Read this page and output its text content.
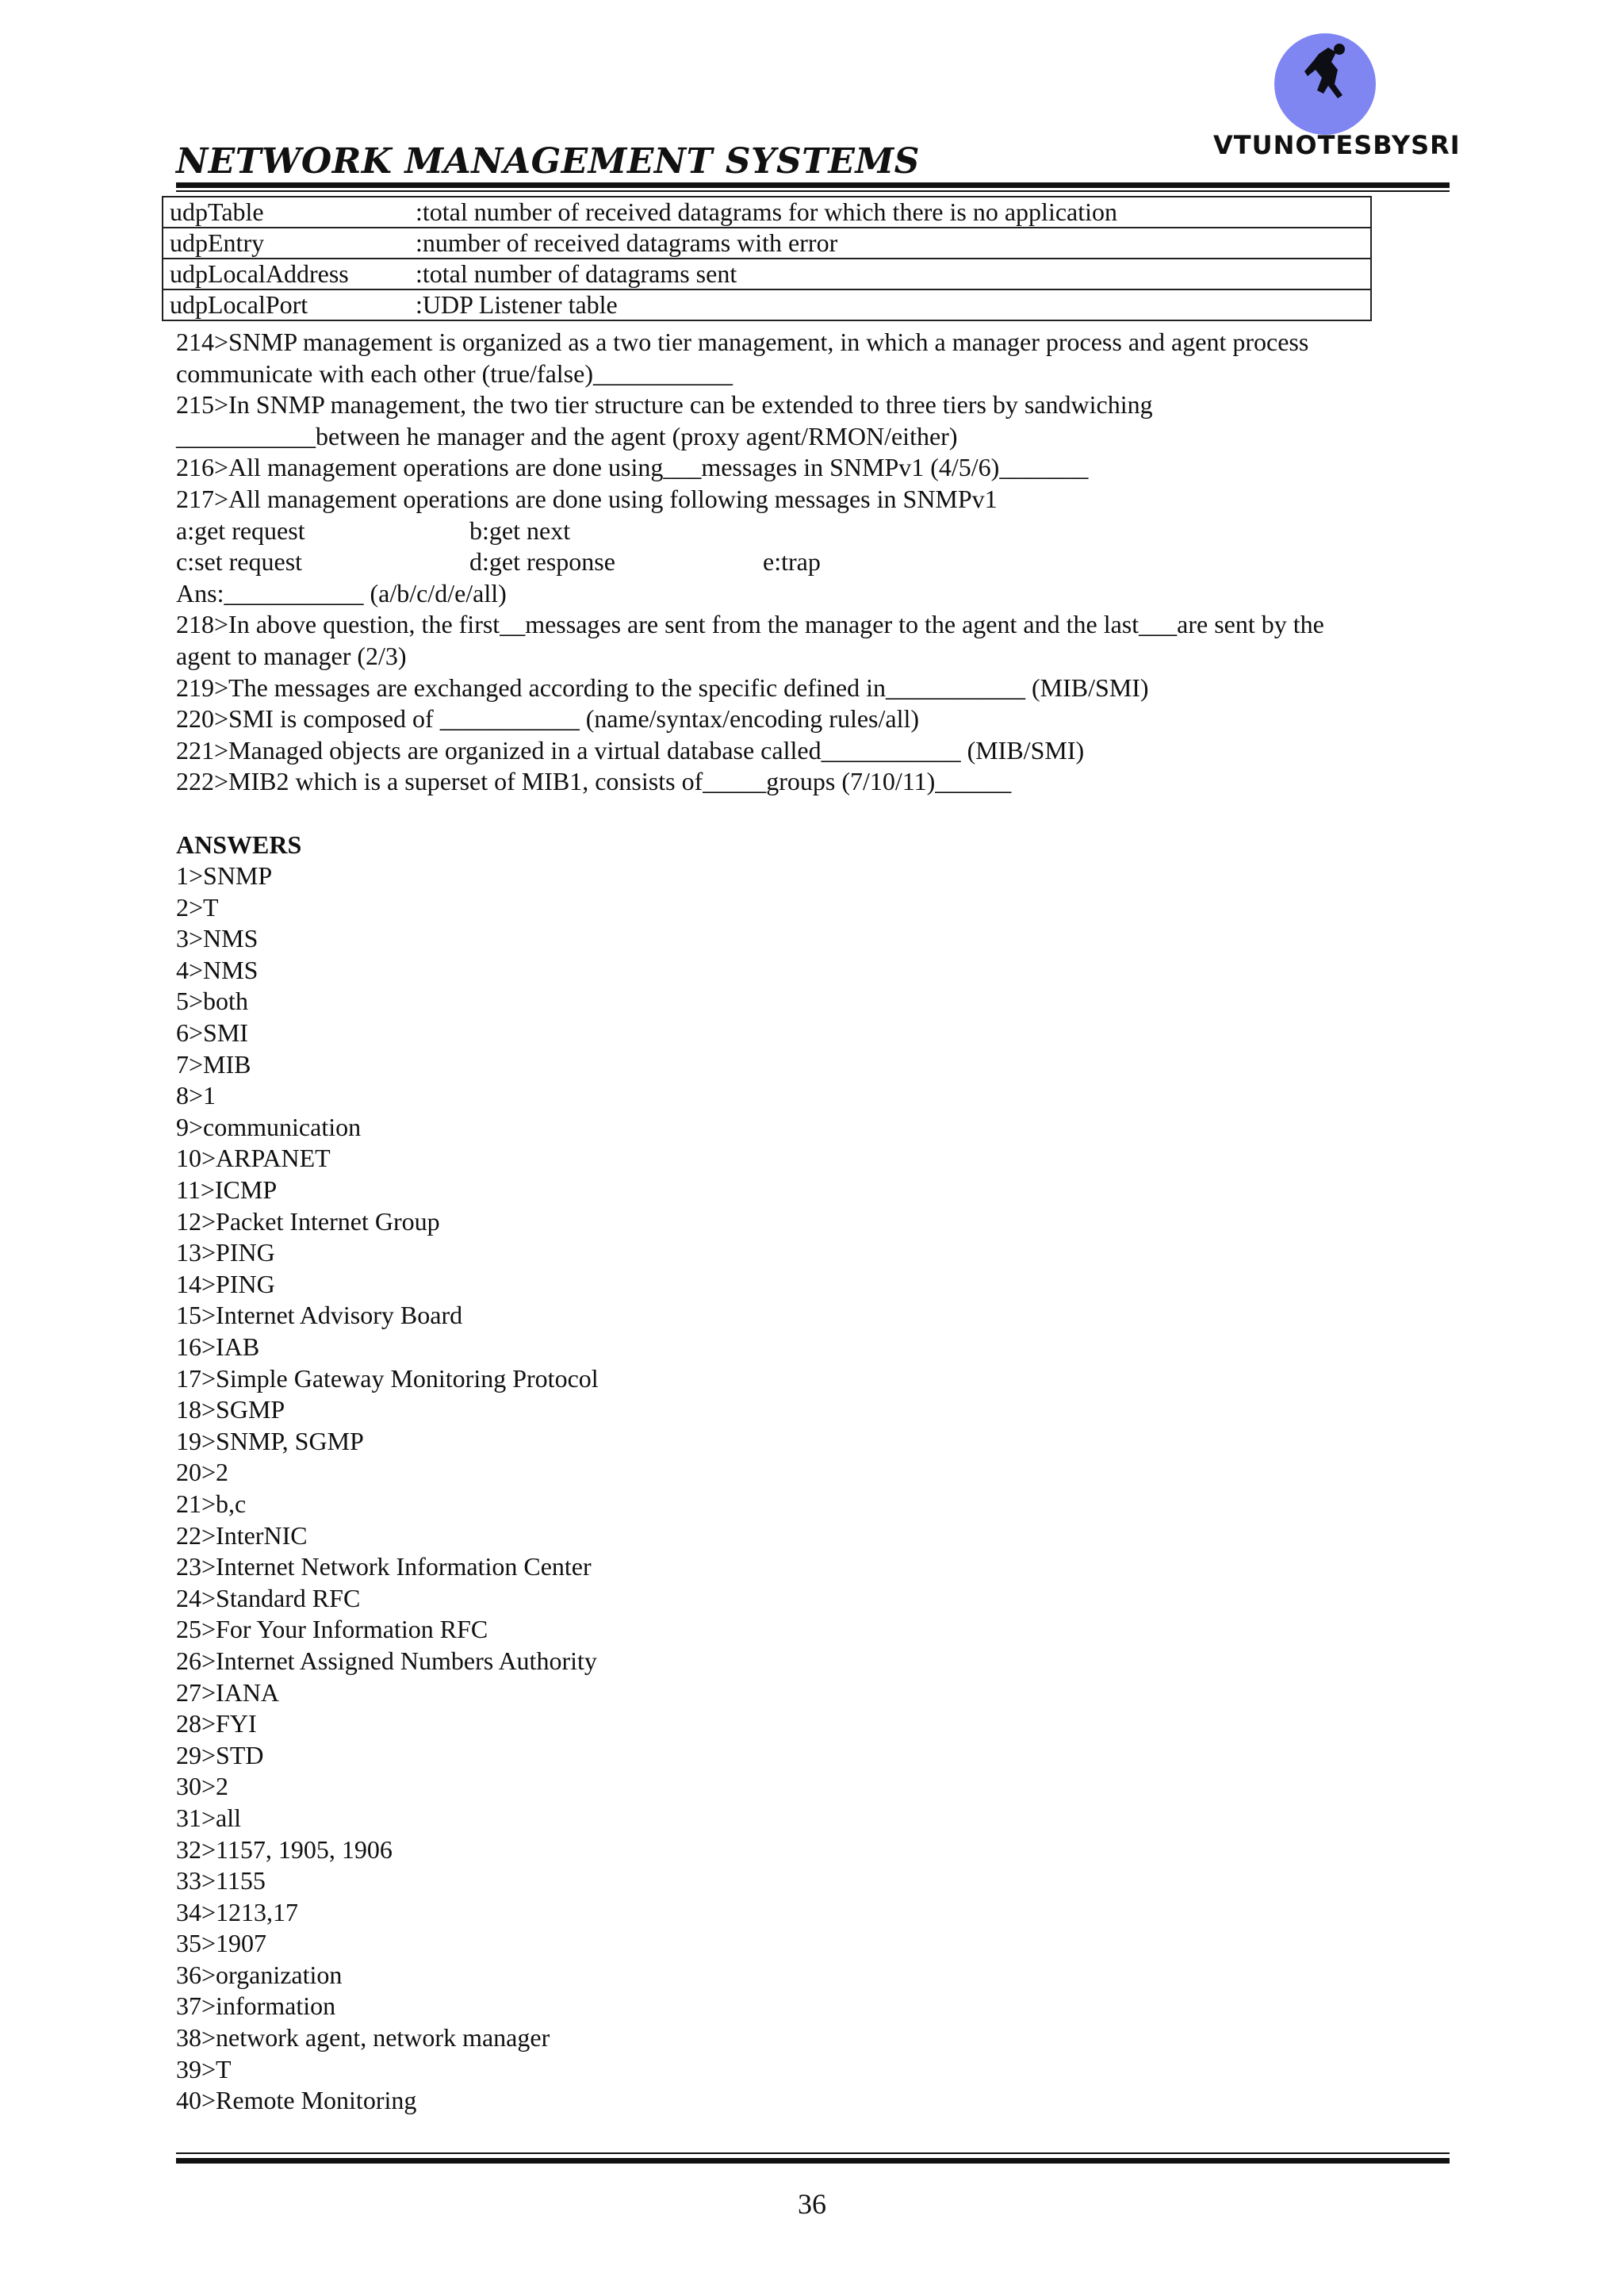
VTUNOTESBYSRI
NETWORK MANAGEMENT SYSTEMS
udpTable	:total number of received datagrams for which there is no application
udpEntry	:number of received datagrams with error
udpLocalAddress	:total number of datagrams sent
udpLocalPort	:UDP Listener table
214>SNMP management is organized as a two tier management, in which a manager process and agent process
communicate with each other (true/false)___________
215>In SNMP management, the two tier structure can be extended to three tiers by sandwiching
___________between he manager and the agent (proxy agent/RMON/either)
216>All management operations are done using___messages in SNMPv1 (4/5/6)_______
217>All management operations are done using following messages in SNMPv1
a:get request	b:get next
c:set request	d:get response	e:trap
Ans:___________ (a/b/c/d/e/all)
218>In above question, the first__messages are sent from the manager to the agent and the last___are sent by the
agent to manager (2/3)
219>The messages are exchanged according to the specific defined in___________ (MIB/SMI)
220>SMI is composed of ___________ (name/syntax/encoding rules/all)
221>Managed objects are organized in a virtual database called___________ (MIB/SMI)
222>MIB2 which is a superset of MIB1, consists of_____groups (7/10/11)______
ANSWERS
1>SNMP
2>T
3>NMS
4>NMS
5>both
6>SMI
7>MIB
8>1
9>communication
10>ARPANET
11>ICMP
12>Packet Internet Group
13>PING
14>PING
15>Internet Advisory Board
16>IAB
17>Simple Gateway Monitoring Protocol
18>SGMP
19>SNMP, SGMP
20>2
21>b,c
22>InterNIC
23>Internet Network Information Center
24>Standard RFC
25>For Your Information RFC
26>Internet Assigned Numbers Authority
27>IANA
28>FYI
29>STD
30>2
31>all
32>1157, 1905, 1906
33>1155
34>1213,17
35>1907
36>organization
37>information
38>network agent, network manager
39>T
40>Remote Monitoring
36
